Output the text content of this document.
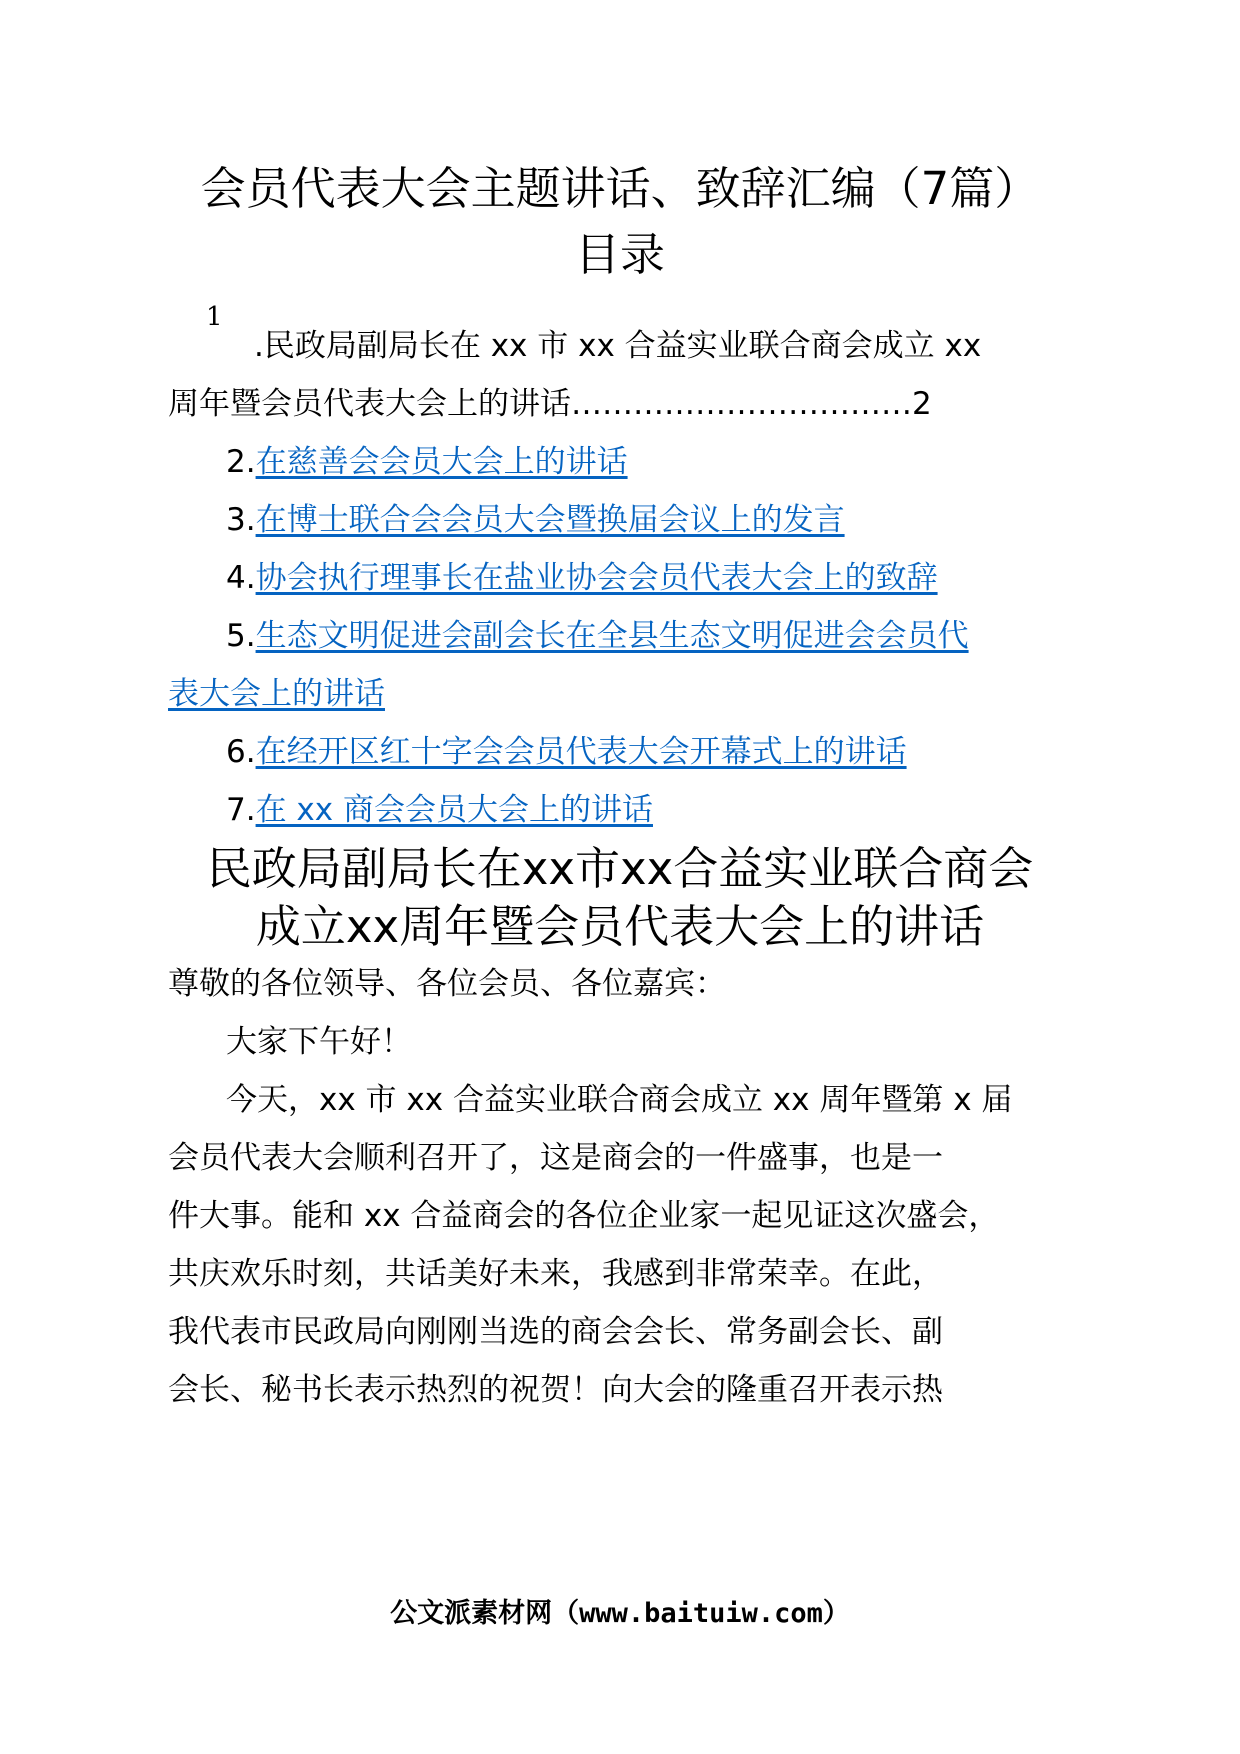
会员代表大会主题讲话、致辞汇编（7篇）
目录
1
.民政局副局长在 xx 市 xx 合益实业联合商会成立 xx
周年暨会员代表大会上的讲话……………………………2
2.在慈善会会员大会上的讲话
3.在博士联合会会员大会暨换届会议上的发言
4.协会执行理事长在盐业协会会员代表大会上的致辞
5.生态文明促进会副会长在全县生态文明促进会会员代
表大会上的讲话
6.在经开区红十字会会员代表大会开幕式上的讲话
7.在 xx 商会会员大会上的讲话
民政局副局长在xx市xx合益实业联合商会
成立xx周年暨会员代表大会上的讲话
尊敬的各位领导、各位会员、各位嘉宾：
大家下午好！
今天，xx 市 xx 合益实业联合商会成立 xx 周年暨第 x 届
会员代表大会顺利召开了，这是商会的一件盛事，也是一
件大事。能和 xx 合益商会的各位企业家一起见证这次盛会，
共庆欢乐时刻，共话美好未来，我感到非常荣幸。在此，
我代表市民政局向刚刚当选的商会会长、常务副会长、副
会长、秘书长表示热烈的祝贺！向大会的隆重召开表示热
公文派素材网（www.baituiw.com）
